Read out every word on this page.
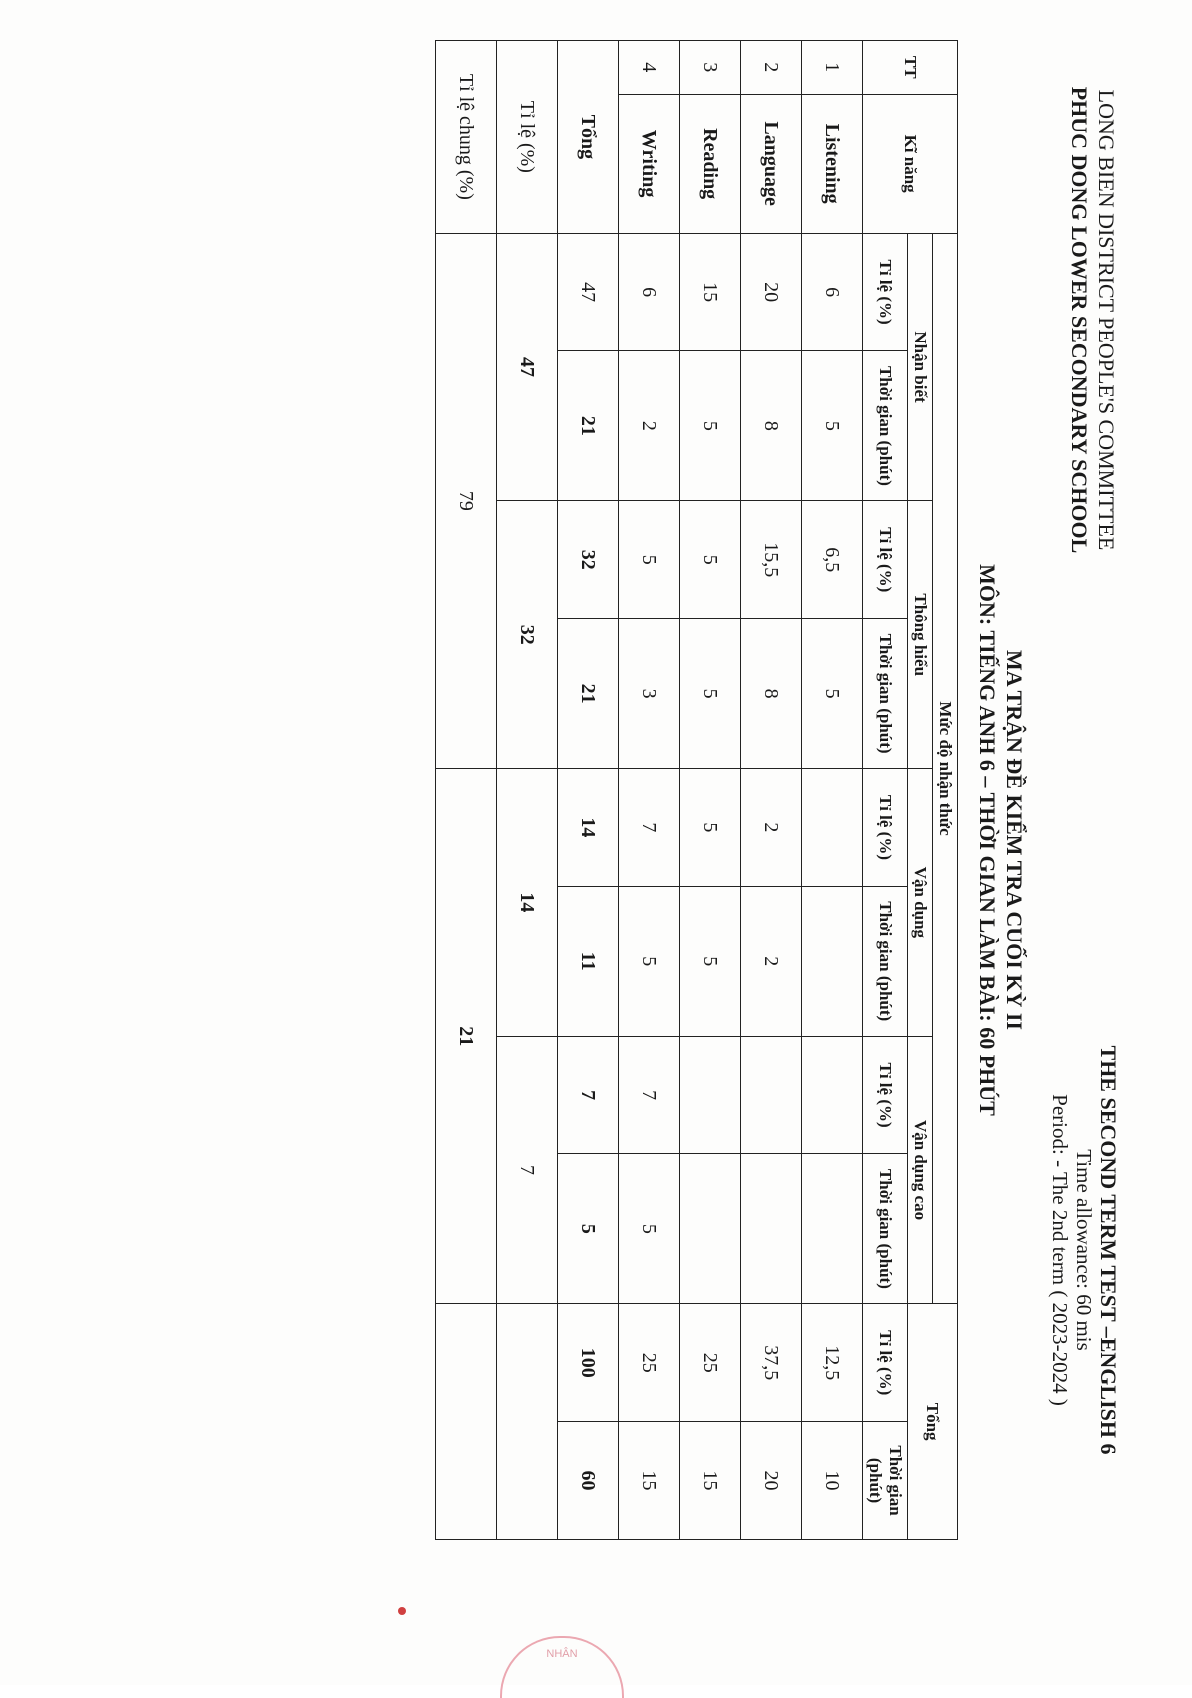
LONG BIEN DISTRICT PEOPLE'S COMMITTEE
PHUC DONG LOWER SECONDARY SCHOOL
THE SECOND TERM TEST –ENGLISH 6
Time allowance: 60 mis
Period: - The 2nd term ( 2023-2024 )
MA TRẬN ĐỀ KIỂM TRA CUỐI KỲ II
MÔN: TIẾNG ANH 6 – THỜI GIAN LÀM BÀI: 60 PHÚT
TT	Kĩ năng	Mức độ nhận thức								Tổng	
		Nhận biết		Thông hiểu		Vận dụng		Vận dụng cao			
		Tỉ lệ (%)	Thời gian (phút)	Tỉ lệ (%)	Thời gian (phút)	Tỉ lệ (%)	Thời gian (phút)	Tỉ lệ (%)	Thời gian (phút)	Tỉ lệ (%)	Thời gian (phút)
1	Listening	6	5	6,5	5					12,5	10
2	Language	20	8	15,5	8	2	2			37,5	20
3	Reading	15	5	5	5	5	5			25	15
4	Writing	6	2	5	3	7	5	7	5	25	15
Tổng		47	21	32	21	14	11	7	5	100	60
Tỉ lệ (%)		47		32		14		7			
Tỉ lệ chung (%)		79				21					
NHÂN
